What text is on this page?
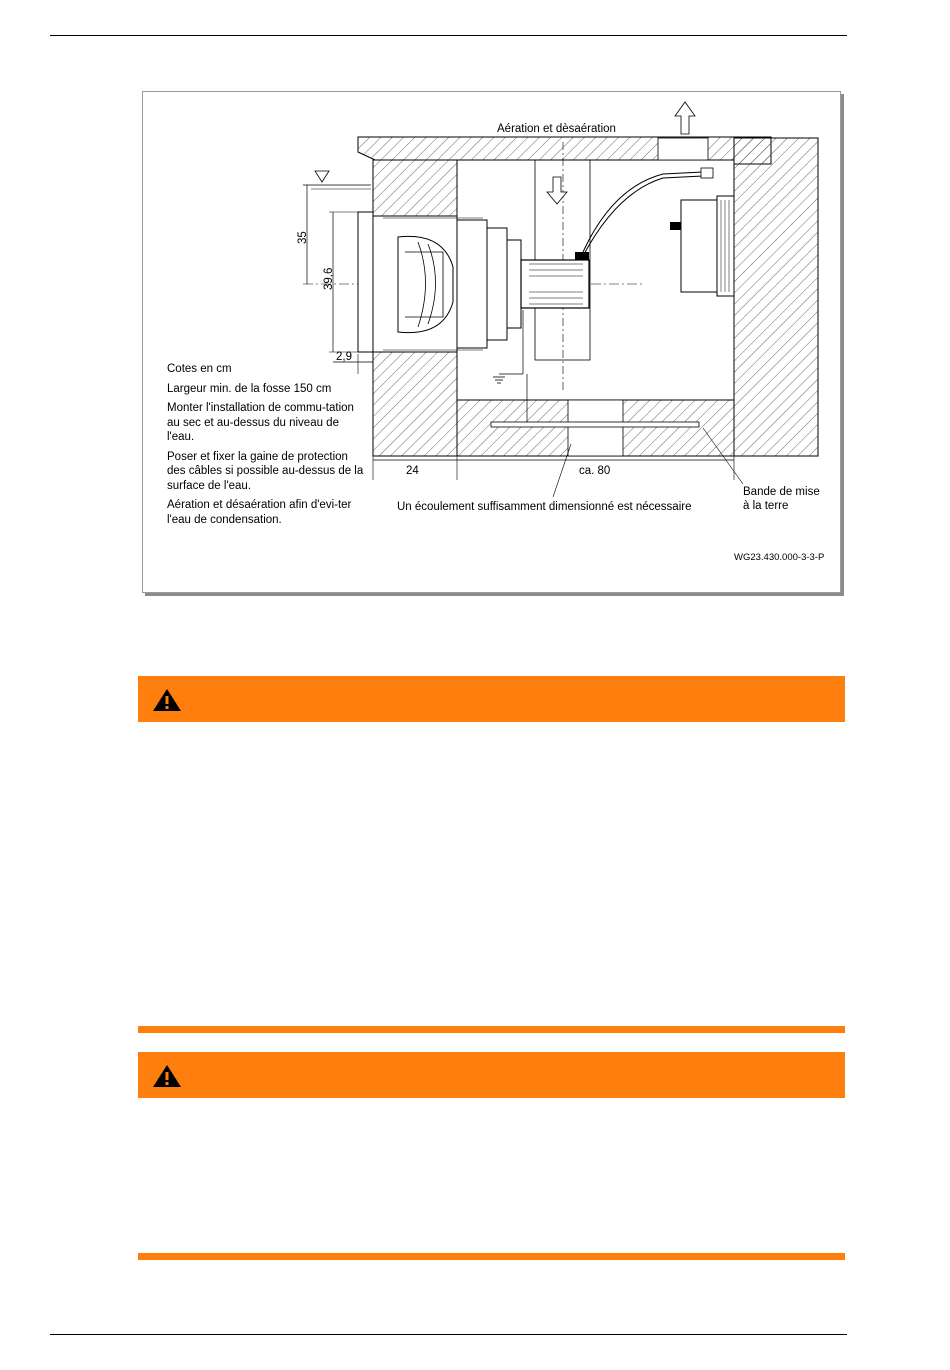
35
39,6
2,9
24	ca. 80
Aération et dèsaération
Un écoulement suffisamment dimensionné est nécessaire
Bande de mise
à la terre
WG23.430.000-3-3-P

Cotes en cm

Largeur min. de la fosse 150 cm

Monter l'installation de commu-tation au sec et au-dessus du niveau de l'eau.

Poser et fixer la gaine de protection des câbles si possible au-dessus de la surface de l'eau.

Aération et désaération afin d'evi-ter l'eau de condensation.
